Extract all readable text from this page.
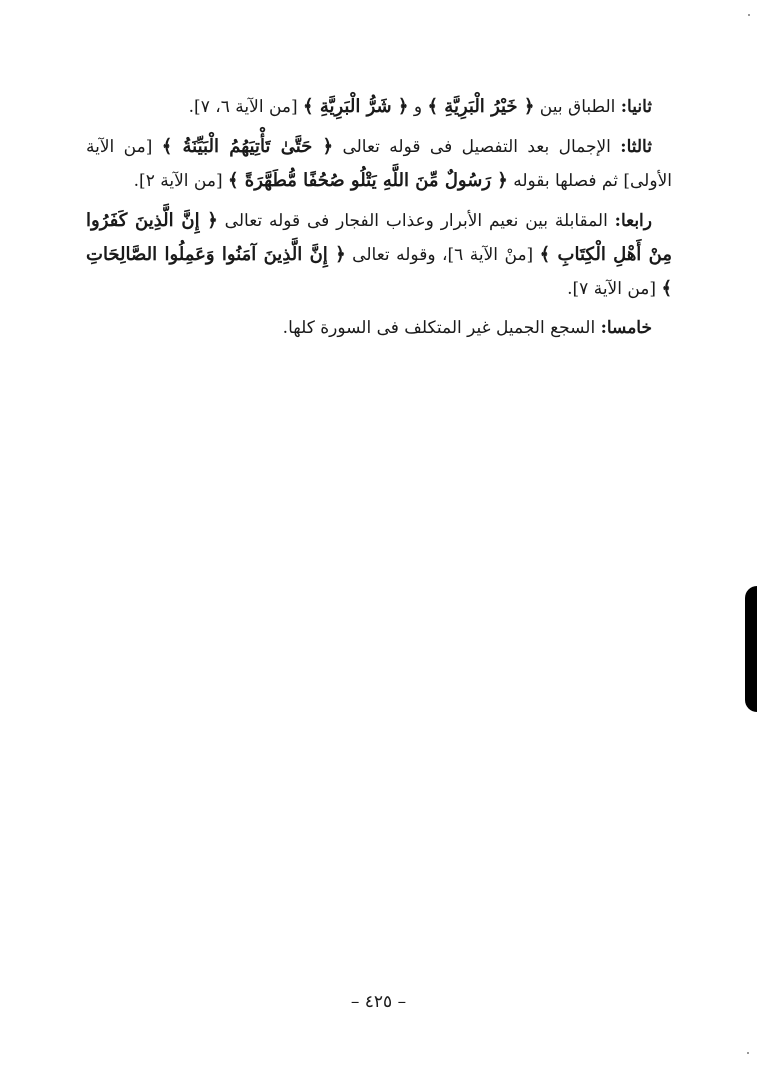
ثانيا: الطباق بين ﴿ خَيْرُ الْبَرِيَّةِ ﴾ و ﴿ شَرُّ الْبَرِيَّةِ ﴾ [من الآية ٦، ٧].

ثالثا: الإجمال بعد التفصيل فى قوله تعالى ﴿ حَتَّىٰ تَأْتِيَهُمُ الْبَيِّنَةُ ﴾ [من الآية الأولى] ثم فصلها بقوله ﴿ رَسُولٌ مِّنَ اللَّهِ يَتْلُو صُحُفًا مُّطَهَّرَةً ﴾ [من الآية ٢].

رابعا: المقابلة بين نعيم الأبرار وعذاب الفجار فى قوله تعالى ﴿ إِنَّ الَّذِينَ كَفَرُوا مِنْ أَهْلِ الْكِتَابِ ﴾ [منْ الآية ٦]، وقوله تعالى ﴿ إِنَّ الَّذِينَ آمَنُوا وَعَمِلُوا الصَّالِحَاتِ ﴾ [من الآية ٧].

خامسا: السجع الجميل غير المتكلف فى السورة كلها.

– ٤٢٥ –
